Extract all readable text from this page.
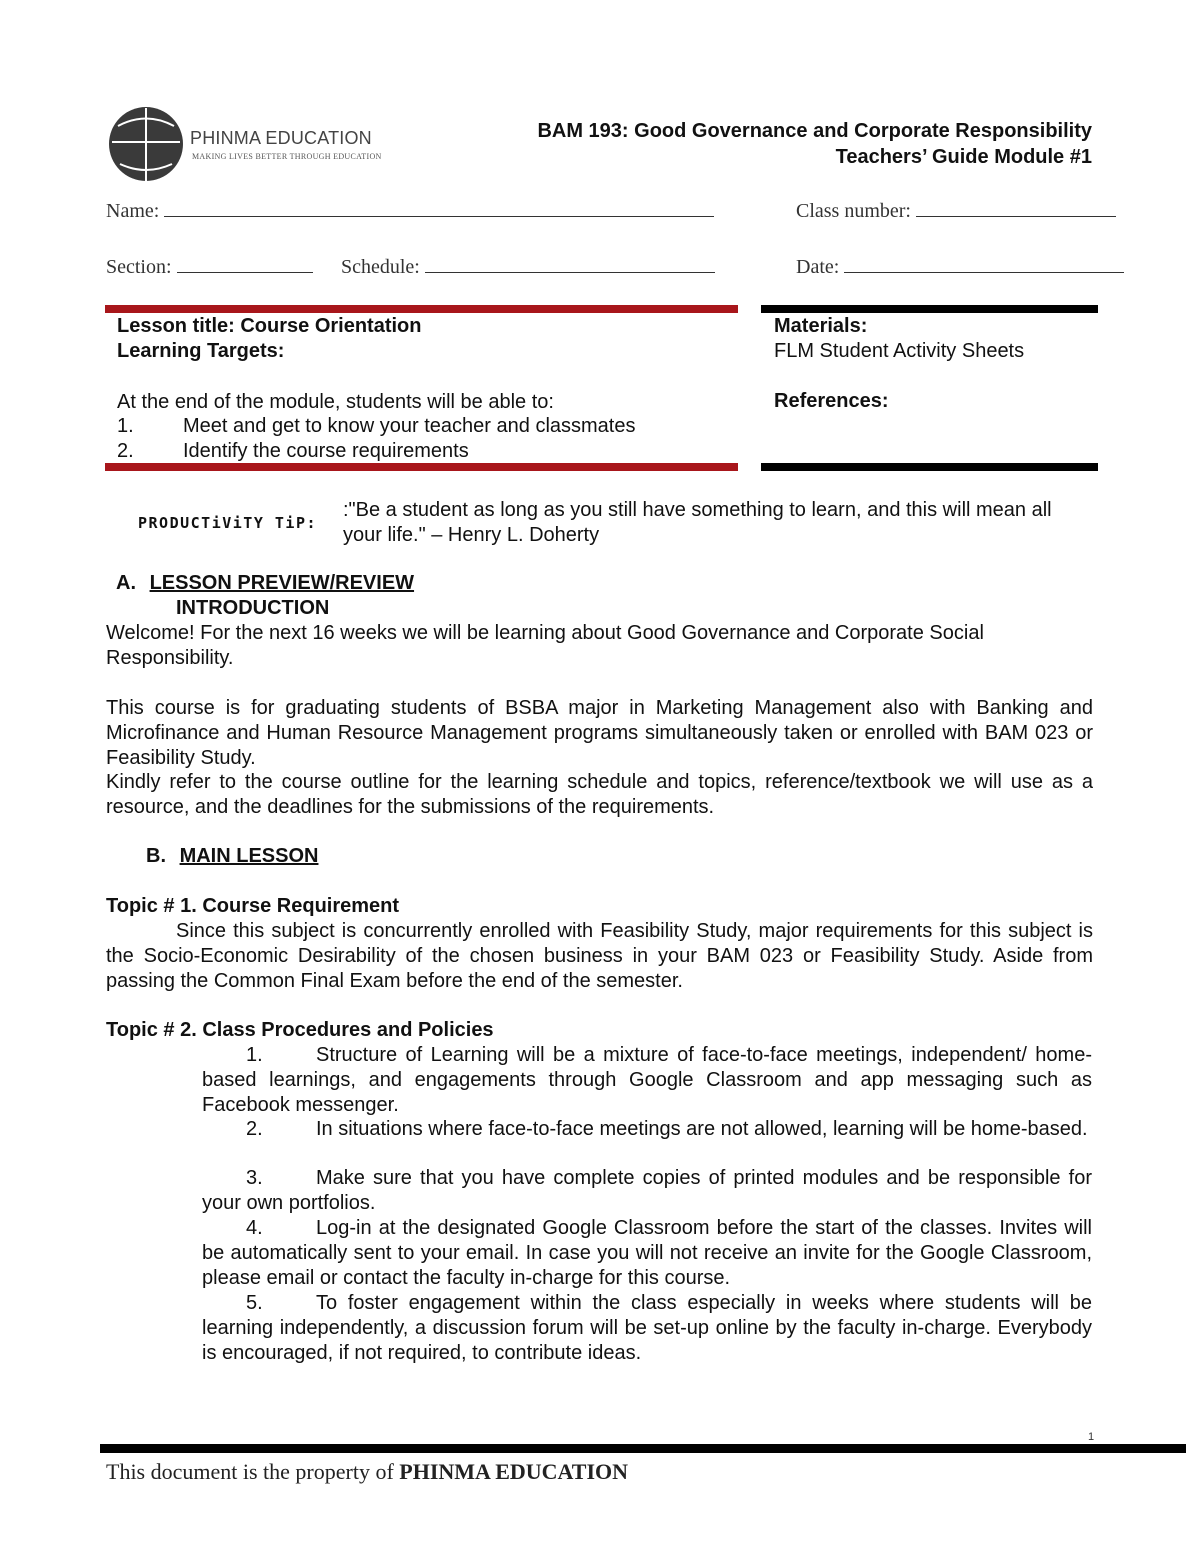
PHINMA EDUCATION
MAKING LIVES BETTER THROUGH EDUCATION
BAM 193: Good Governance and Corporate Responsibility
Teachers’ Guide Module #1
Name:	Class number:
Section:	Schedule:	Date:
Lesson title: Course Orientation
Learning Targets:
At the end of the module, students will be able to:
1. Meet and get to know your teacher and classmates
2. Identify the course requirements
Materials:
FLM Student Activity Sheets
References:
PRODUCTiViTY TiP:
:"Be a student as long as you still have something to learn, and this will mean all your life." – Henry L. Doherty
A. LESSON PREVIEW/REVIEW
INTRODUCTION
Welcome! For the next 16 weeks we will be learning about Good Governance and Corporate Social Responsibility.
This course is for graduating students of BSBA major in Marketing Management also with Banking and Microfinance and Human Resource Management programs simultaneously taken or enrolled with BAM 023 or Feasibility Study.
Kindly refer to the course outline for the learning schedule and topics, reference/textbook we will use as a resource, and the deadlines for the submissions of the requirements.
B. MAIN LESSON
Topic # 1. Course Requirement
Since this subject is concurrently enrolled with Feasibility Study, major requirements for this subject is the Socio-Economic Desirability of the chosen business in your BAM 023 or Feasibility Study. Aside from passing the Common Final Exam before the end of the semester.
Topic # 2. Class Procedures and Policies
1.	Structure of Learning will be a mixture of face-to-face meetings, independent/ home-based learnings, and engagements through Google Classroom and app messaging such as Facebook messenger.
2.	In situations where face-to-face meetings are not allowed, learning will be home-based.
3.	Make sure that you have complete copies of printed modules and be responsible for your own portfolios.
4.	Log-in at the designated Google Classroom before the start of the classes. Invites will be automatically sent to your email. In case you will not receive an invite for the Google Classroom, please email or contact the faculty in-charge for this course.
5.	To foster engagement within the class especially in weeks where students will be learning independently, a discussion forum will be set-up online by the faculty in-charge. Everybody is encouraged, if not required, to contribute ideas.
1
This document is the property of PHINMA EDUCATION
